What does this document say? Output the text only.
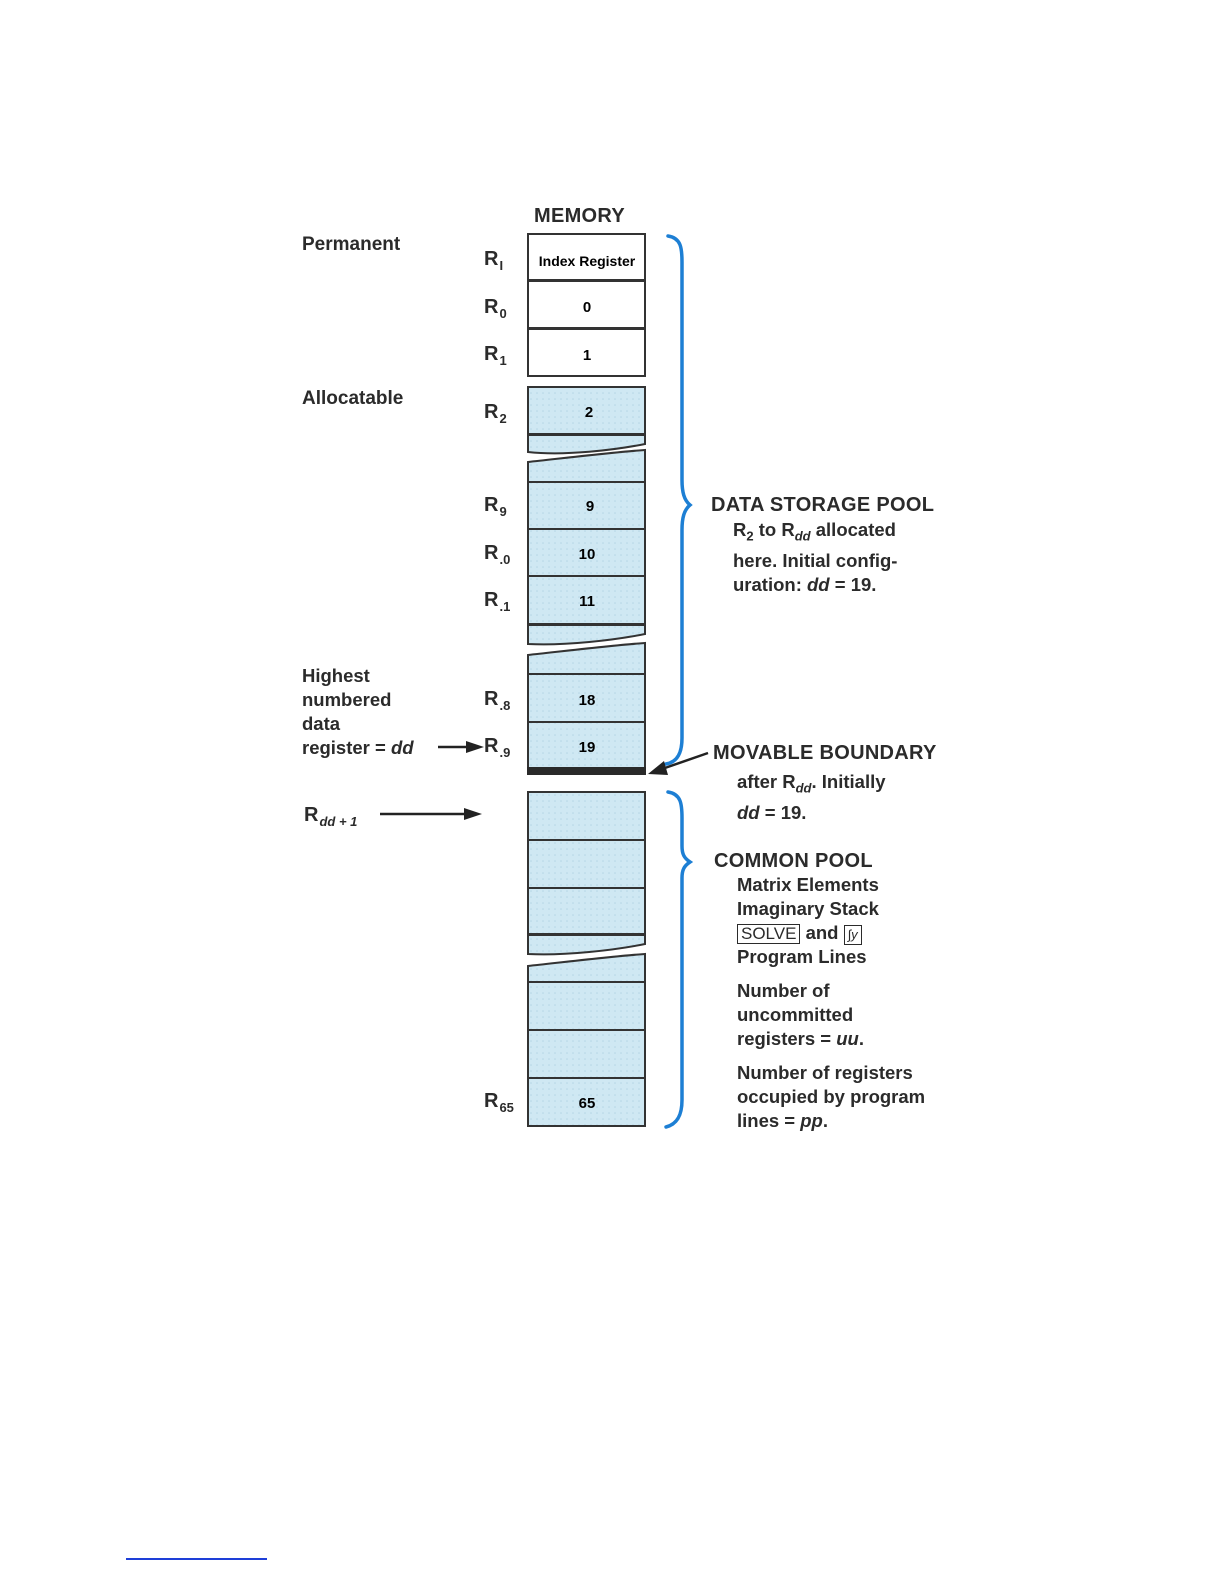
Index Register
0
1
2
9
10
11
18
19
65
MEMORY
Permanent
Allocatable
Highest
numbered
data
register = dd
$R_I$
$R_0$
$R_1$
$R_2$
$R_9$
$R_{.0}$
$R_{.1}$
$R_{.8}$
$R_{.9}$
$R_{dd + 1}$
$R_{65}$
DATA STORAGE POOL
$R_2$ to $R_{dd}$ allocated
here. Initial config-
uration: dd = 19.
MOVABLE BOUNDARY
after $R_{dd}$. Initially
dd = 19.
COMMON POOL
Matrix Elements
Imaginary Stack
SOLVE and ∫y
Program Lines
Number of
uncommitted
registers = uu.
Number of registers
occupied by program
lines = pp.
